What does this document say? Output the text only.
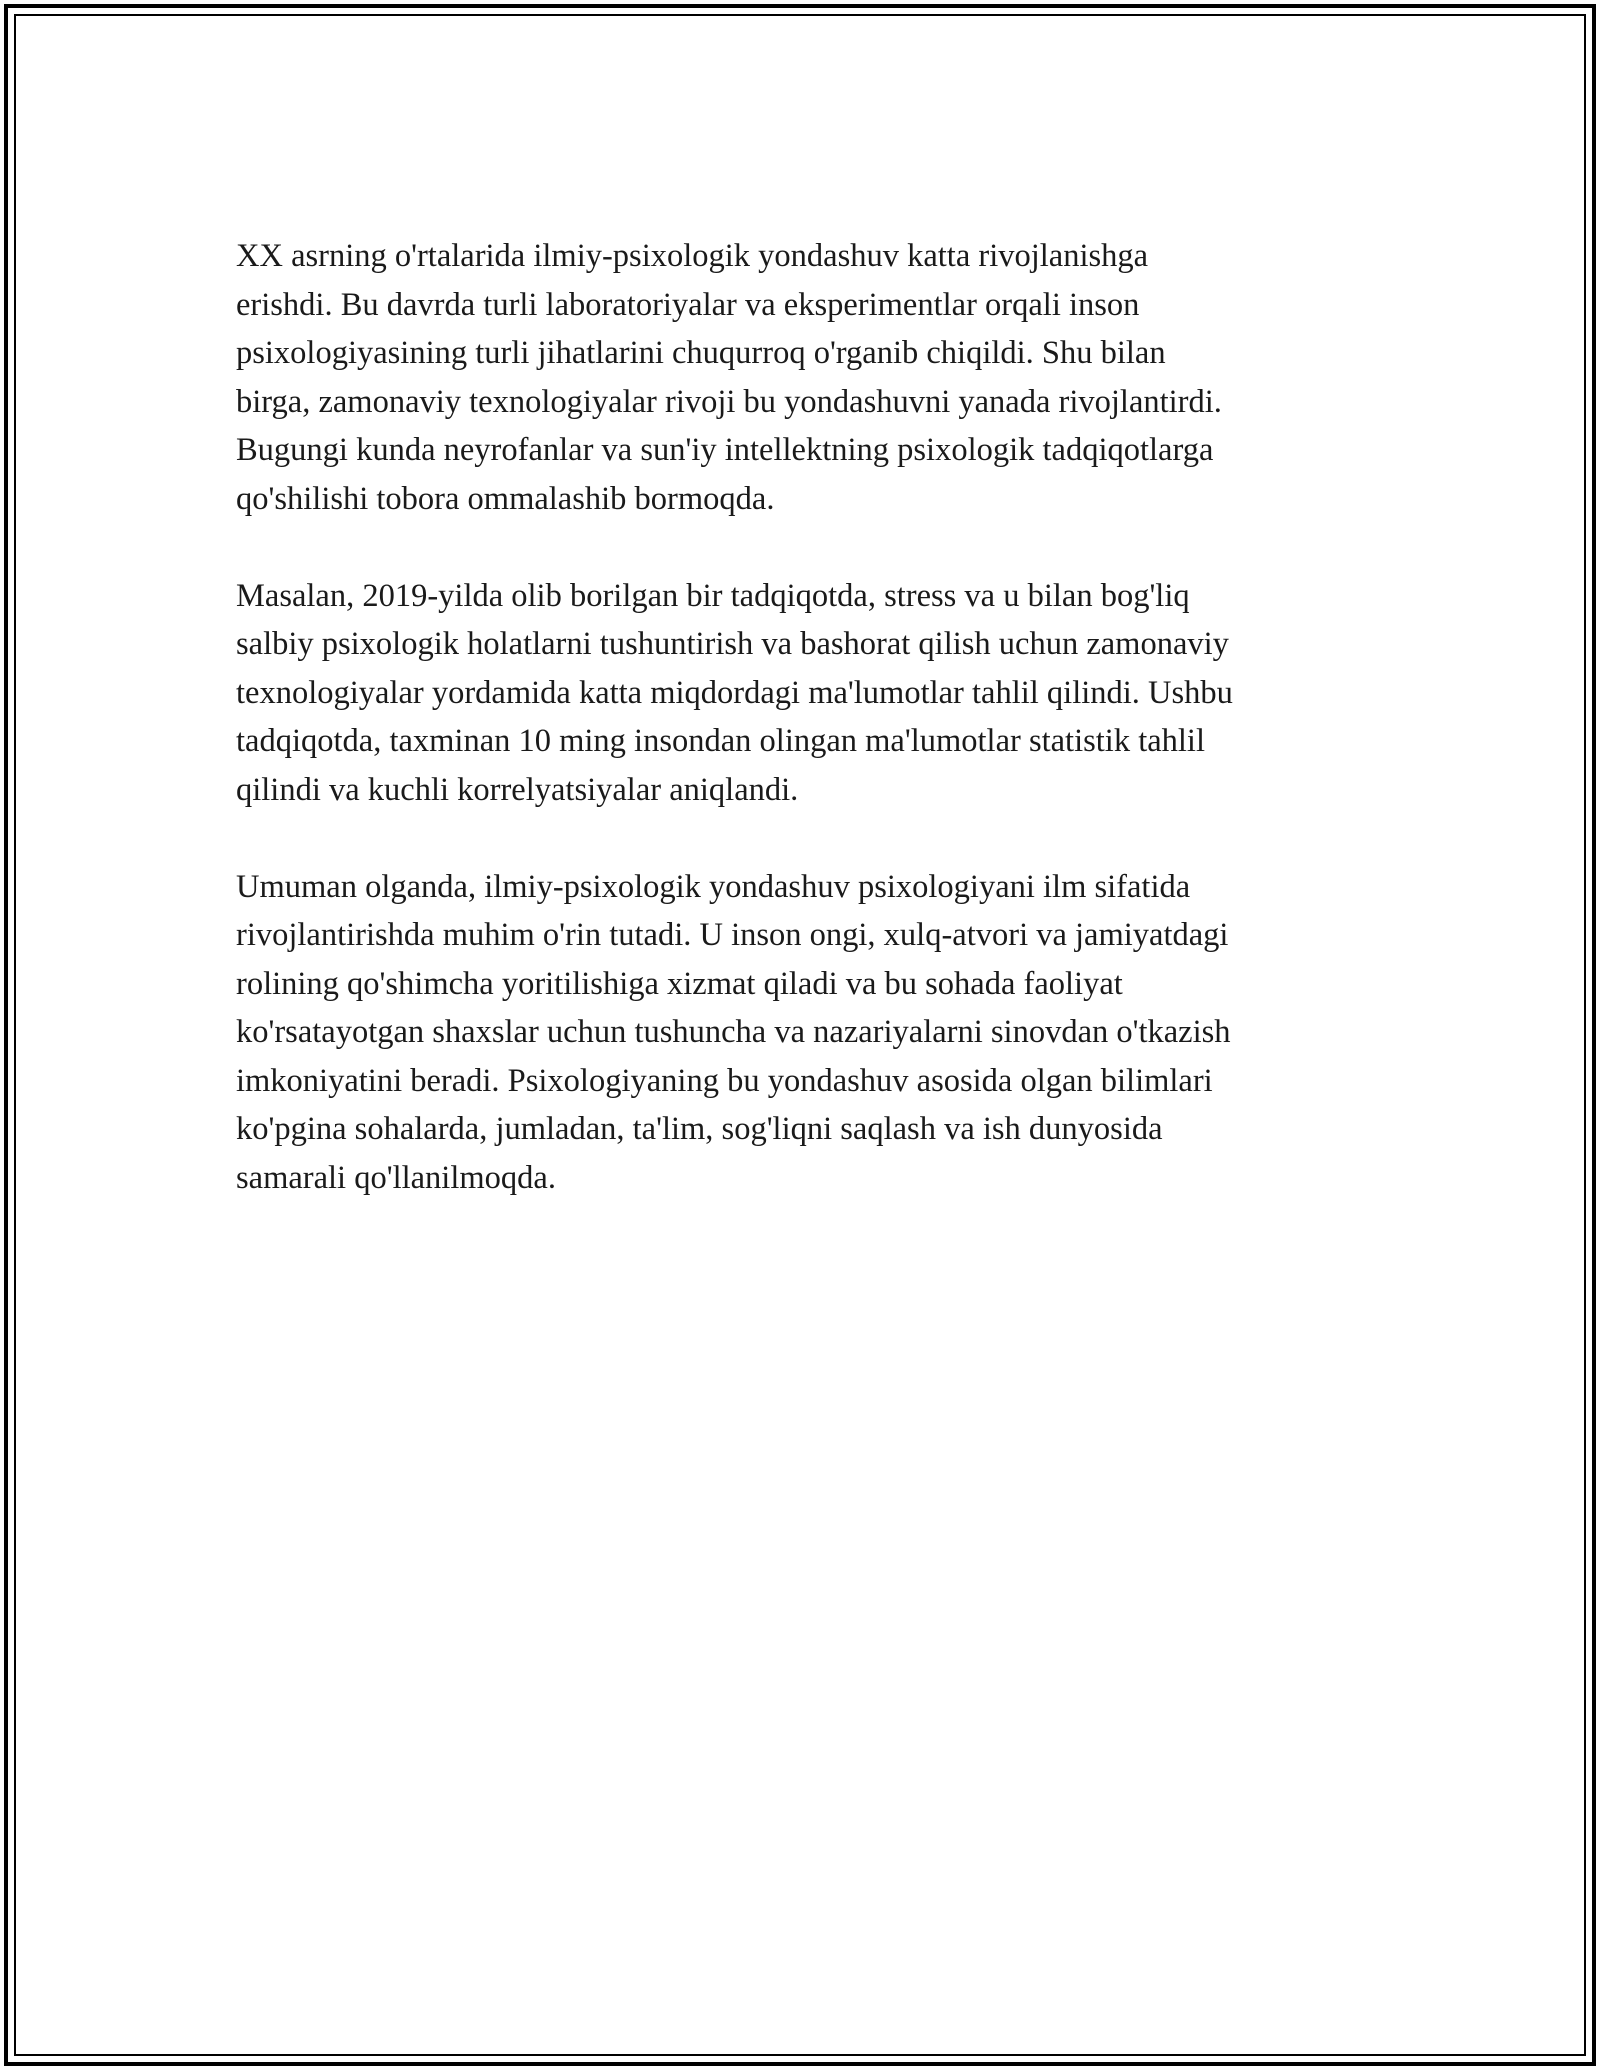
XX asrning o'rtalarida ilmiy-psixologik yondashuv katta rivojlanishga
erishdi. Bu davrda turli laboratoriyalar va eksperimentlar orqali inson
psixologiyasining turli jihatlarini chuqurroq o'rganib chiqildi. Shu bilan
birga, zamonaviy texnologiyalar rivoji bu yondashuvni yanada rivojlantirdi.
Bugungi kunda neyrofanlar va sun'iy intellektning psixologik tadqiqotlarga
qo'shilishi tobora ommalashib bormoqda.

Masalan, 2019-yilda olib borilgan bir tadqiqotda, stress va u bilan bog'liq
salbiy psixologik holatlarni tushuntirish va bashorat qilish uchun zamonaviy
texnologiyalar yordamida katta miqdordagi ma'lumotlar tahlil qilindi. Ushbu
tadqiqotda, taxminan 10 ming insondan olingan ma'lumotlar statistik tahlil
qilindi va kuchli korrelyatsiyalar aniqlandi.

Umuman olganda, ilmiy-psixologik yondashuv psixologiyani ilm sifatida
rivojlantirishda muhim o'rin tutadi. U inson ongi, xulq-atvori va jamiyatdagi
rolining qo'shimcha yoritilishiga xizmat qiladi va bu sohada faoliyat
ko'rsatayotgan shaxslar uchun tushuncha va nazariyalarni sinovdan o'tkazish
imkoniyatini beradi. Psixologiyaning bu yondashuv asosida olgan bilimlari
ko'pgina sohalarda, jumladan, ta'lim, sog'liqni saqlash va ish dunyosida
samarali qo'llanilmoqda.
